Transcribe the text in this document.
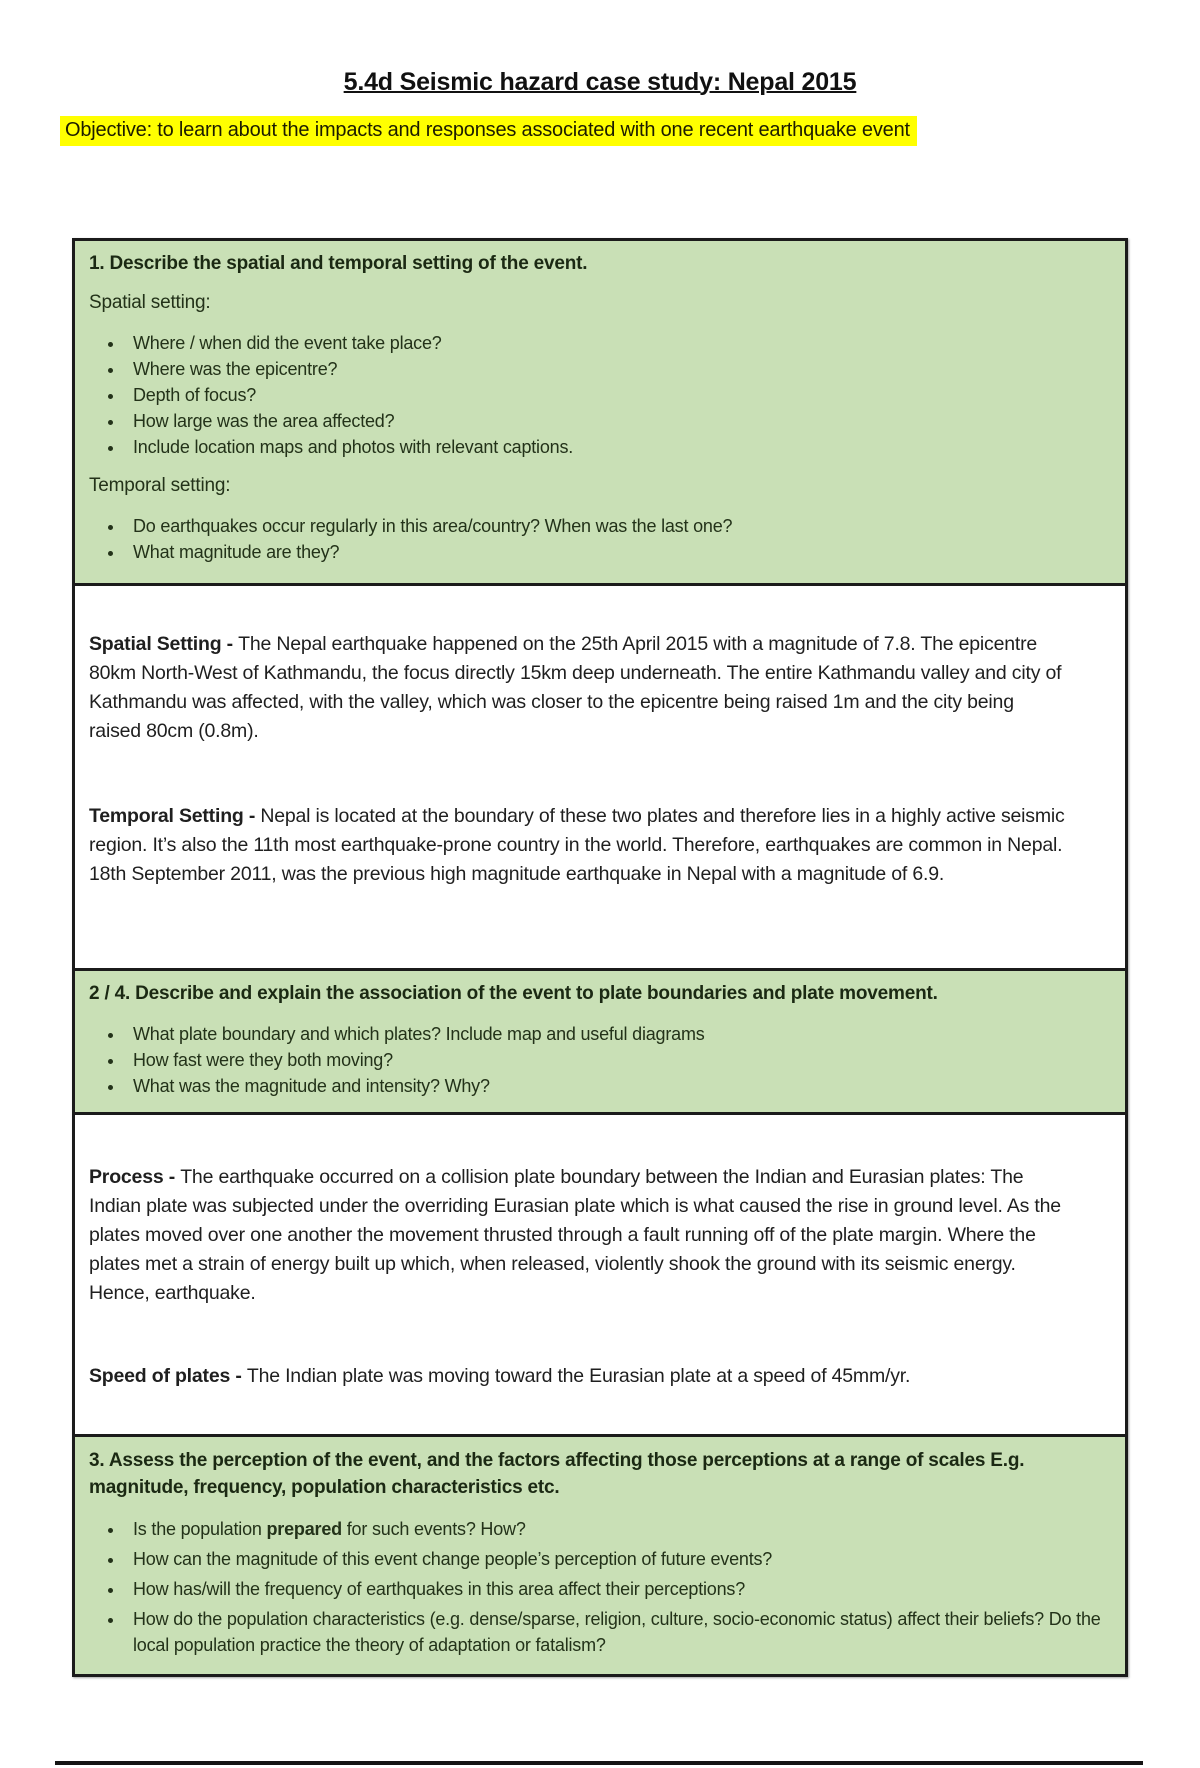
5.4d Seismic hazard case study: Nepal 2015
Objective: to learn about the impacts and responses associated with one recent earthquake event

1. Describe the spatial and temporal setting of the event.

Spatial setting:

• Where / when did the event take place?
• Where was the epicentre?
• Depth of focus?
• How large was the area affected?
• Include location maps and photos with relevant captions.

Temporal setting:

• Do earthquakes occur regularly in this area/country? When was the last one?
• What magnitude are they?

Spatial Setting - The Nepal earthquake happened on the 25th April 2015 with a magnitude of 7.8. The epicentre 80km North-West of Kathmandu, the focus directly 15km deep underneath. The entire Kathmandu valley and city of Kathmandu was affected, with the valley, which was closer to the epicentre being raised 1m and the city being raised 80cm (0.8m).

Temporal Setting - Nepal is located at the boundary of these two plates and therefore lies in a highly active seismic region. It’s also the 11th most earthquake-prone country in the world. Therefore, earthquakes are common in Nepal. 18th September 2011, was the previous high magnitude earthquake in Nepal with a magnitude of 6.9.

2 / 4. Describe and explain the association of the event to plate boundaries and plate movement.

• What plate boundary and which plates? Include map and useful diagrams
• How fast were they both moving?
• What was the magnitude and intensity? Why?

Process - The earthquake occurred on a collision plate boundary between the Indian and Eurasian plates: The Indian plate was subjected under the overriding Eurasian plate which is what caused the rise in ground level. As the plates moved over one another the movement thrusted through a fault running off of the plate margin. Where the plates met a strain of energy built up which, when released, violently shook the ground with its seismic energy. Hence, earthquake.

Speed of plates - The Indian plate was moving toward the Eurasian plate at a speed of 45mm/yr.

3. Assess the perception of the event, and the factors affecting those perceptions at a range of scales E.g. magnitude, frequency, population characteristics etc.

• Is the population prepared for such events? How?
• How can the magnitude of this event change people’s perception of future events?
• How has/will the frequency of earthquakes in this area affect their perceptions?
• How do the population characteristics (e.g. dense/sparse, religion, culture, socio-economic status) affect their beliefs? Do the local population practice the theory of adaptation or fatalism?
